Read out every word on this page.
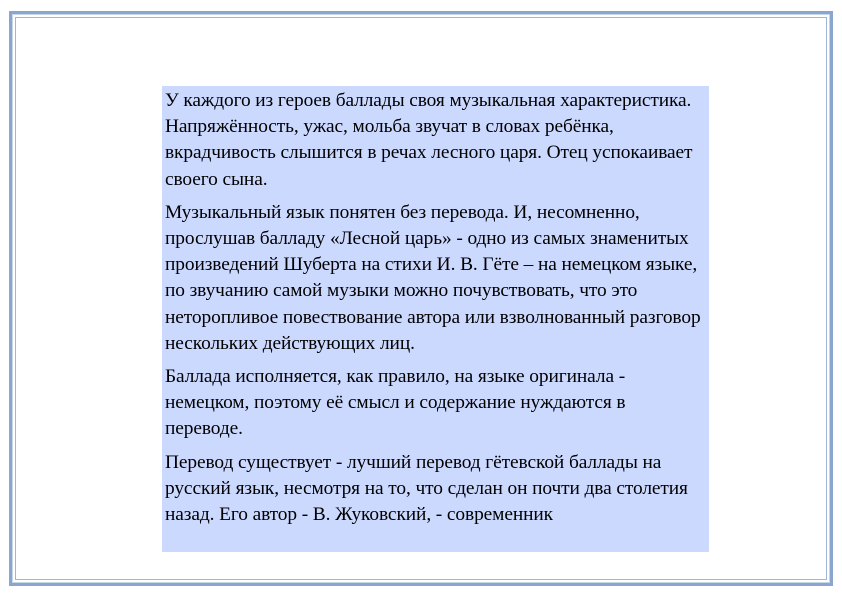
У каждого из героев баллады своя музыкальная характеристика. Напряжённость, ужас, мольба звучат в словах ребёнка, вкрадчивость слышится в речах лесного царя. Отец успокаивает своего сына.

Музыкальный язык понятен без перевода. И, несомненно, прослушав балладу «Лесной царь» - одно из самых знаменитых произведений Шуберта на стихи И. В. Гёте – на немецком языке, по звучанию самой музыки можно почувствовать, что это неторопливое повествование автора или взволнованный разговор нескольких действующих лиц.

Баллада исполняется, как правило, на языке оригинала - немецком, поэтому её смысл и содержание нуждаются в переводе.

Перевод существует - лучший перевод гётевской баллады на русский язык, несмотря на то, что сделан он почти два столетия назад. Его автор - В. Жуковский, - современник
